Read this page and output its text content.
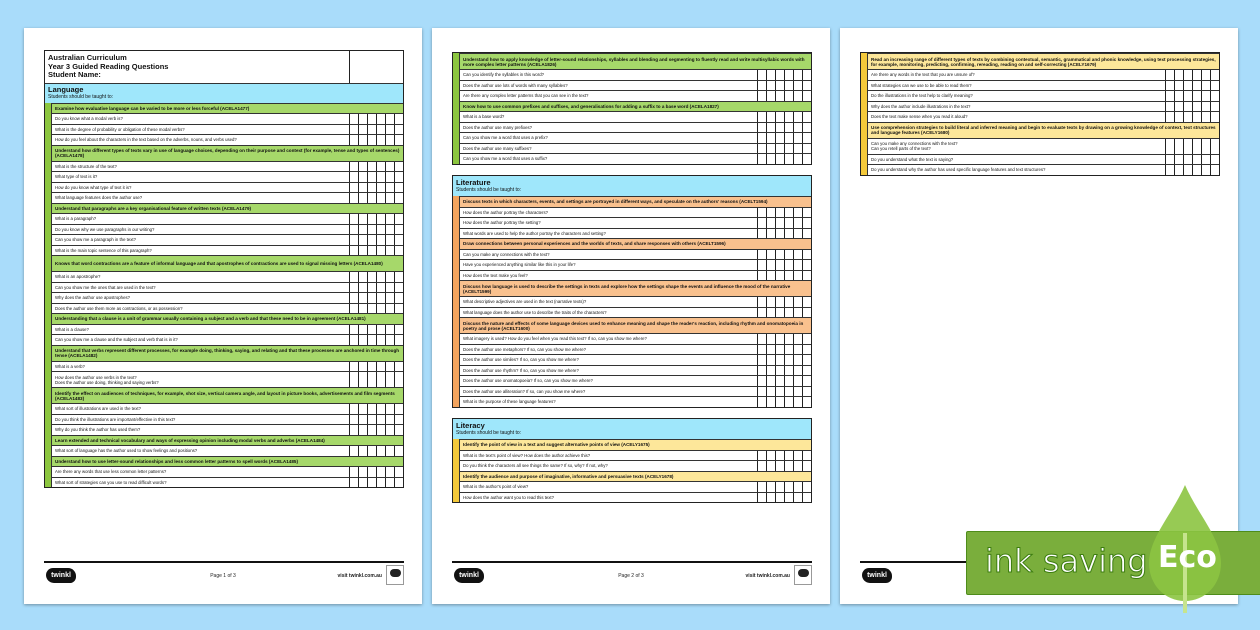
Australian Curriculum
Year 3 Guided Reading Questions
Student Name:
Language
Students should be taught to:
Examine how evaluative language can be varied to be more or less forceful (ACELA1477)
Do you know what a modal verb is?
What is the degree of probability or obligation of these modal verbs?
How do you feel about the characters in the text based on the adverbs, nouns, and verbs used?
Understand how different types of texts vary in use of language choices, depending on their purpose and context (for example, tense and types of sentences) (ACELA1478)
What is the structure of the text?
What type of text is it?
How do you know what type of text it is?
What language features does the author use?
Understand that paragraphs are a key organisational feature of written texts (ACELA1479)
What is a paragraph?
Do you know why we use paragraphs in our writing?
Can you show me a paragraph in the text?
What is the main topic sentence of this paragraph?
Knows that word contractions are a feature of informal language and that apostrophes of contractions are used to signal missing letters (ACELA1480)
What is an apostrophe?
Can you show me the ones that are used in the text?
Why does the author use apostrophes?
Does the author use them more as contractions, or as possession?
Understanding that a clause is a unit of grammar usually containing a subject and a verb and that these need to be in agreement (ACELA1481)
What is a clause?
Can you show me a clause and the subject and verb that is in it?
Understand that verbs represent different processes, for example doing, thinking, saying, and relating and that these processes are anchored in time through tense (ACELA1482)
What is a verb?
How does the author use verbs in the text?
Does the author use doing, thinking and saying verbs?
Identify the effect on audiences of techniques, for example, shot size, vertical camera angle, and layout in picture books, advertisements and film segments (ACELA1483)
What sort of illustrations are used in the text?
Do you think the illustrations are important/effective in this text?
Why do you think the author has used them?
Learn extended and technical vocabulary and ways of expressing opinion including modal verbs and adverbs (ACELA1484)
What sort of language has the author used to show feelings and positions?
Understand how to use letter-sound relationships and less common letter patterns to spell words (ACELA1485)
Are there any words that use less common letter patterns?
What sort of strategies can you use to read difficult words?
twinkl	Page 1 of 3	visit twinkl.com.au
Understand how to apply knowledge of letter-sound relationships, syllables and blending and segmenting to fluently read and write multisyllabic words with more complex letter patterns (ACELA1826)
Can you identify the syllables in this word?
Does the author use lots of words with many syllables?
Are there any complex letter patterns that you can see in the text?
Know how to use common prefixes and suffixes, and generalisations for adding a suffix to a base word (ACELA1827)
What is a base word?
Does the author use many prefixes?
Can you show me a word that uses a prefix?
Does the author use many suffixes?
Can you show me a word that uses a suffix?
Literature
Students should be taught to:
Discuss texts in which characters, events, and settings are portrayed in different ways, and speculate on the authors' reasons (ACELT1594)
How does the author portray the characters?
How does the author portray the setting?
What words are used to help the author portray the characters and setting?
Draw connections between personal experiences and the worlds of texts, and share responses with others (ACELT1596)
Can you make any connections with the text?
Have you experienced anything similar like this in your life?
How does the text make you feel?
Discuss how language is used to describe the settings in texts and explore how the settings shape the events and influence the mood of the narrative (ACELT1599)
What descriptive adjectives are used in the text (narrative texts)?
What language does the author use to describe the traits of the characters?
Discuss the nature and effects of some language devices used to enhance meaning and shape the reader's reaction, including rhythm and onomatopoeia in poetry and prose (ACELT1600)
What imagery is used? How do you feel when you read this text? If so, can you show me where?
Does the author use metaphors? If so, can you show me where?
Does the author use similes? If so, can you show me where?
Does the author use rhythm? If so, can you show me where?
Does the author use onomatopoeia? If so, can you show me where?
Does the author use alliteration? If so, can you show me where?
What is the purpose of these language features?
Literacy
Students should be taught to:
Identify the point of view in a text and suggest alternative points of view (ACELY1675)
What is the text's point of view? How does the author achieve this?
Do you think the characters all see things the same? If so, why? If not, why?
Identify the audience and purpose of imaginative, informative and persuasive texts (ACELY1678)
What is the author's point of view?
How does the author want you to read this text?
twinkl	Page 2 of 3	visit twinkl.com.au
Read an increasing range of different types of texts by combining contextual, semantic, grammatical and phonic knowledge, using text processing strategies, for example, monitoring, predicting, confirming, rereading, reading on and self-correcting (ACELY1679)
Are there any words in the text that you are unsure of?
What strategies can we use to be able to read them?
Do the illustrations in the text help to clarify meaning?
Why does the author include illustrations in the text?
Does the text make sense when you read it aloud?
Use comprehension strategies to build literal and inferred meaning and begin to evaluate texts by drawing on a growing knowledge of context, text structures and language features (ACELY1680)
Can you make any connections with the text?
Can you retell parts of the text?
Do you understand what the text is saying?
Do you understand why the author has used specific language features and text structures?
twinkl	ink saving Eco
